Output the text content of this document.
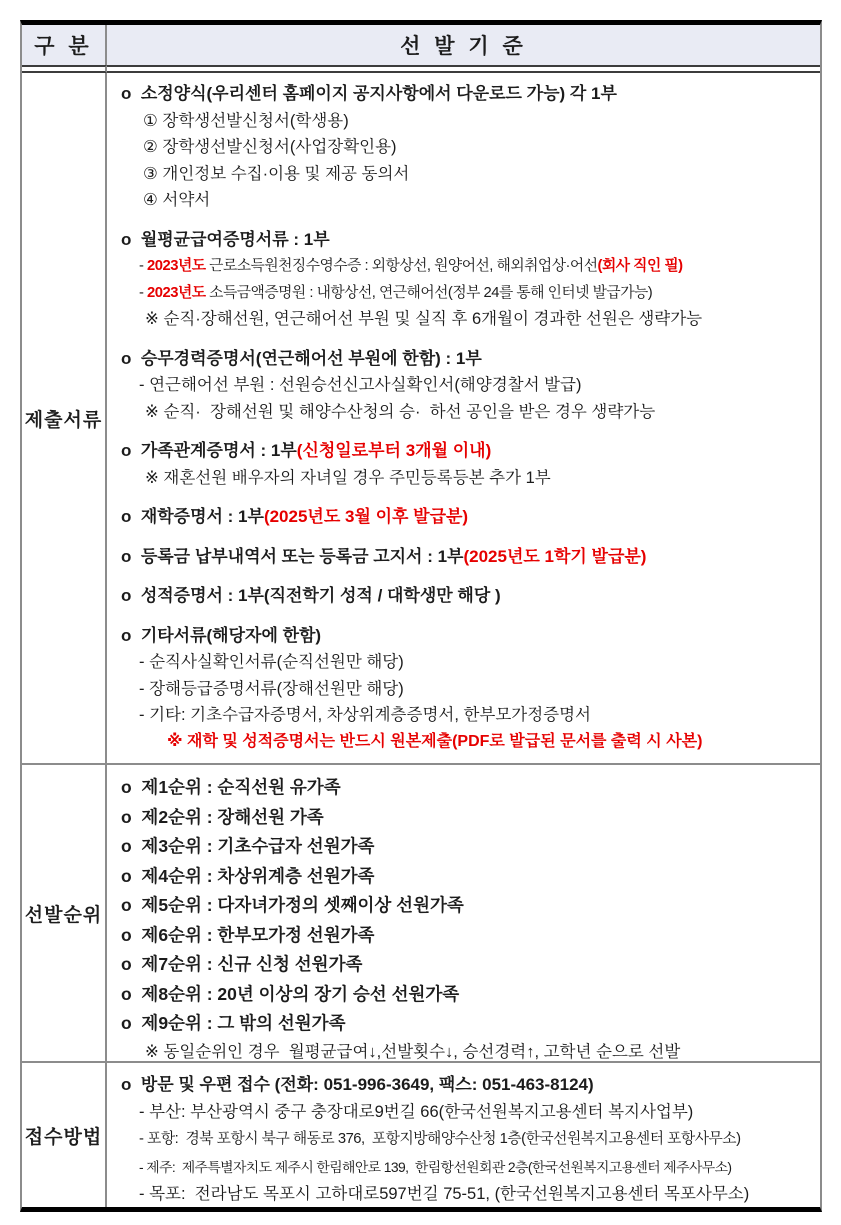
구 분	선 발 기 준
제출서류
o  소정양식(우리센터 홈페이지 공지사항에서 다운로드 가능) 각 1부
① 장학생선발신청서(학생용)
② 장학생선발신청서(사업장확인용)
③ 개인정보 수집·이용 및 제공 동의서
④ 서약서
o  월평균급여증명서류 : 1부
- 2023년도 근로소득원천징수영수증 : 외항상선, 원양어선, 해외취업상·어선(회사 직인 필)
- 2023년도 소득금액증명원 : 내항상선, 연근해어선(정부 24를 통해 인터넷 발급가능)
※ 순직·장해선원, 연근해어선 부원 및 실직 후 6개월이 경과한 선원은 생략가능
o  승무경력증명서(연근해어선 부원에 한함) : 1부
- 연근해어선 부원 : 선원승선신고사실확인서(해양경찰서 발급)
※ 순직·  장해선원 및 해양수산청의 승·  하선 공인을 받은 경우 생략가능
o  가족관계증명서 : 1부(신청일로부터 3개월 이내)
※ 재혼선원 배우자의 자녀일 경우 주민등록등본 추가 1부
o  재학증명서 : 1부(2025년도 3월 이후 발급분)
o  등록금 납부내역서 또는 등록금 고지서 : 1부(2025년도 1학기 발급분)
o  성적증명서 : 1부(직전학기 성적 / 대학생만 해당 )
o  기타서류(해당자에 한함)
- 순직사실확인서류(순직선원만 해당)
- 장해등급증명서류(장해선원만 해당)
- 기타: 기초수급자증명서, 차상위계층증명서, 한부모가정증명서
※ 재학 및 성적증명서는 반드시 원본제출(PDF로 발급된 문서를 출력 시 사본)
선발순위
o  제1순위 : 순직선원 유가족
o  제2순위 : 장해선원 가족
o  제3순위 : 기초수급자 선원가족
o  제4순위 : 차상위계층 선원가족
o  제5순위 : 다자녀가정의 셋째이상 선원가족
o  제6순위 : 한부모가정 선원가족
o  제7순위 : 신규 신청 선원가족
o  제8순위 : 20년 이상의 장기 승선 선원가족
o  제9순위 : 그 밖의 선원가족
※ 동일순위인 경우  월평균급여↓,선발횟수↓, 승선경력↑, 고학년 순으로 선발
접수방법
o  방문 및 우편 접수 (전화: 051-996-3649, 팩스: 051-463-8124)
- 부산: 부산광역시 중구 충장대로9번길 66(한국선원복지고용센터 복지사업부)
- 포항:  경북 포항시 북구 해동로 376,  포항지방해양수산청 1층(한국선원복지고용센터 포항사무소)
- 제주:  제주특별자치도 제주시 한림해안로 139,  한림항선원회관 2층(한국선원복지고용센터 제주사무소)
- 목포:  전라남도 목포시 고하대로597번길 75-51, (한국선원복지고용센터 목포사무소)
